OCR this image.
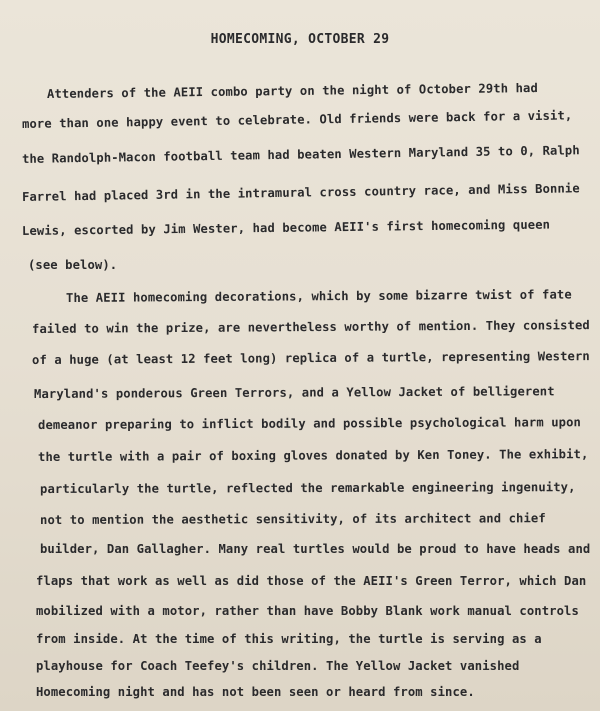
HOMECOMING, OCTOBER 29
Attenders of the AEII combo party on the night of October 29th had
more than one happy event to celebrate. Old friends were back for a visit,
the Randolph-Macon football team had beaten Western Maryland 35 to 0, Ralph
Farrel had placed 3rd in the intramural cross country race, and Miss Bonnie
Lewis, escorted by Jim Wester, had become AEII's first homecoming queen
(see below).
The AEII homecoming decorations, which by some bizarre twist of fate
failed to win the prize, are nevertheless worthy of mention. They consisted
of a huge (at least 12 feet long) replica of a turtle, representing Western
Maryland's ponderous Green Terrors, and a Yellow Jacket of belligerent
demeanor preparing to inflict bodily and possible psychological harm upon
the turtle with a pair of boxing gloves donated by Ken Toney. The exhibit,
particularly the turtle, reflected the remarkable engineering ingenuity,
not to mention the aesthetic sensitivity, of its architect and chief
builder, Dan Gallagher. Many real turtles would be proud to have heads and
flaps that work as well as did those of the AEII's Green Terror, which Dan
mobilized with a motor, rather than have Bobby Blank work manual controls
from inside. At the time of this writing, the turtle is serving as a
playhouse for Coach Teefey's children. The Yellow Jacket vanished
Homecoming night and has not been seen or heard from since.
